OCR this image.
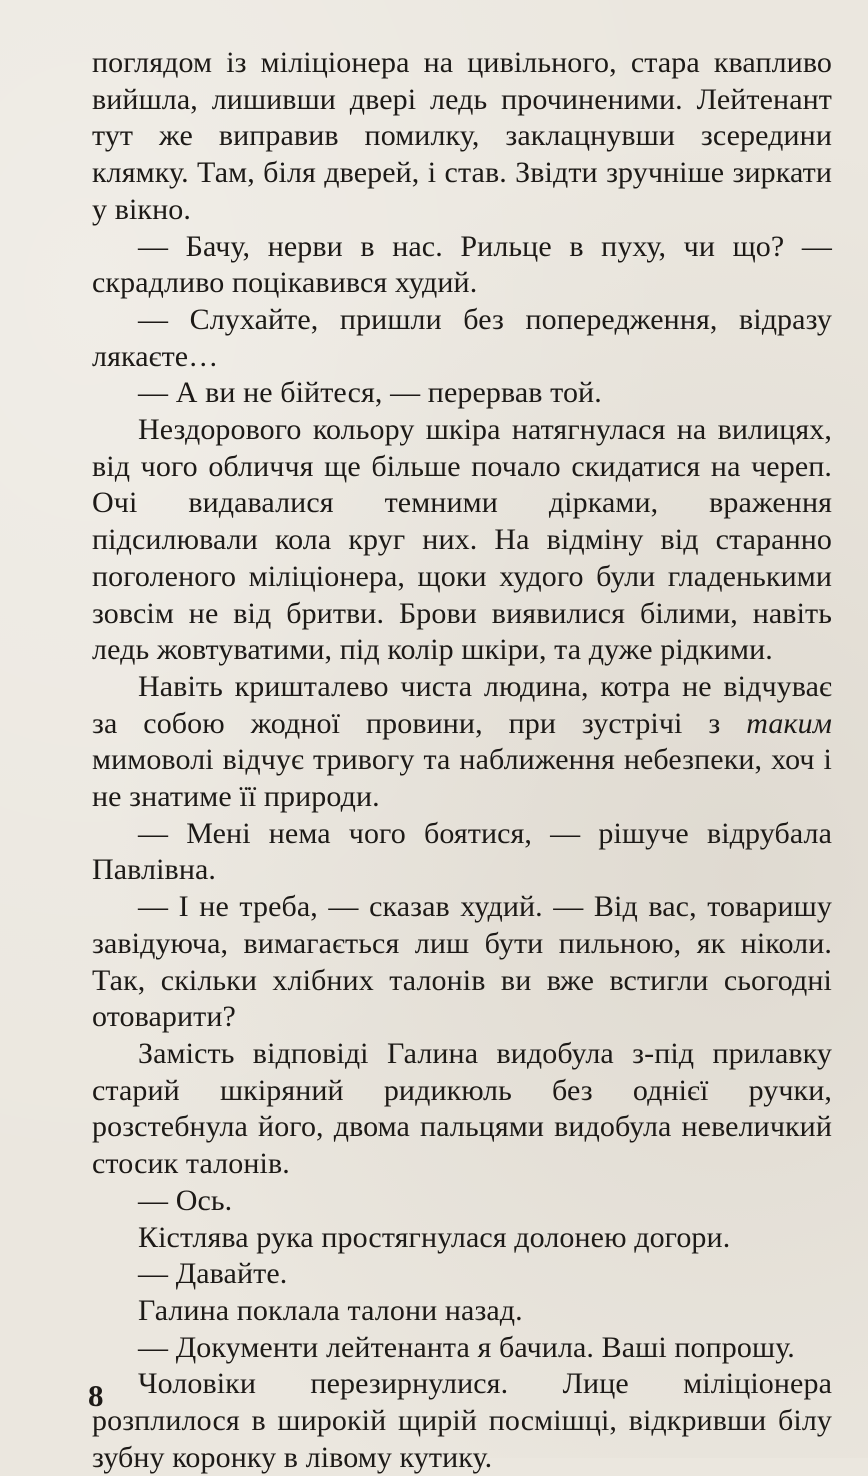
поглядом із міліціонера на цивільного, стара квапливо вийшла, лишивши двері ледь прочиненими. Лейтенант тут же виправив помилку, заклацнувши зсередини клямку. Там, біля дверей, і став. Звідти зручніше зиркати у вікно.

— Бачу, нерви в нас. Рильце в пуху, чи що? — скрадливо поцікавився худий.

— Слухайте, пришли без попередження, відразу лякаєте…

— А ви не бійтеся, — перервав той.

Нездорового кольору шкіра натягнулася на вилицях, від чого обличчя ще більше почало скидатися на череп. Очі видавалися темними дірками, враження підсилювали кола круг них. На відміну від старанно поголеного міліціонера, щоки худого були гладенькими зовсім не від бритви. Брови виявилися білими, навіть ледь жовтуватими, під колір шкіри, та дуже рідкими.

Навіть кришталево чиста людина, котра не відчуває за собою жодної провини, при зустрічі з таким мимоволі відчує тривогу та наближення небезпеки, хоч і не знатиме її природи.

— Мені нема чого боятися, — рішуче відрубала Павлівна.

— І не треба, — сказав худий. — Від вас, товаришу завідуюча, вимагається лиш бути пильною, як ніколи. Так, скільки хлібних талонів ви вже встигли сьогодні отоварити?

Замість відповіді Галина видобула з-під прилавку старий шкіряний ридикюль без однієї ручки, розстебнула його, двома пальцями видобула невеличкий стосик талонів.

— Ось.

Кістлява рука простягнулася долонею догори.

— Давайте.

Галина поклала талони назад.

— Документи лейтенанта я бачила. Ваші попрошу.

Чоловіки перезирнулися. Лице міліціонера розплилося в широкій щирій посмішці, відкривши білу зубну коронку в лівому кутику.

8
